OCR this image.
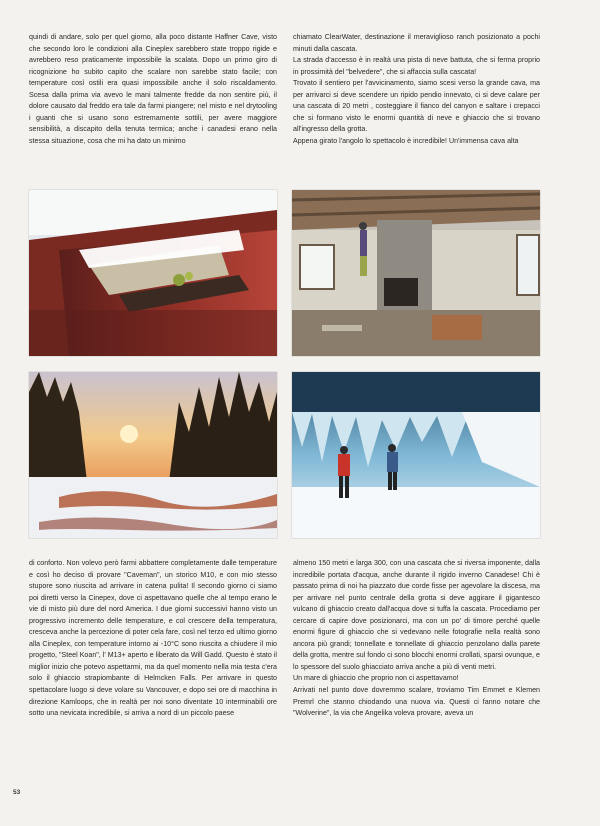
quindi di andare, solo per quel giorno, alla poco distante Haffner Cave, visto che secondo loro le condizioni alla Cineplex sarebbero state troppo rigide e avrebbero reso praticamente impossibile la scalata. Dopo un primo giro di ricognizione ho subito capito che scalare non sarebbe stato facile; con temperature così ostili era quasi impossibile anche il solo riscaldamento. Scesa dalla prima via avevo le mani talmente fredde da non sentire più, il dolore causato dal freddo era tale da farmi piangere; nel misto e nel drytooling i guanti che si usano sono estremamente sottili, per avere maggiore sensibilità, a discapito della tenuta termica; anche i canadesi erano nella stessa situazione, cosa che mi ha dato un minimo

chiamato ClearWater, destinazione il meraviglioso ranch posizionato a pochi minuti dalla cascata.

La strada d'accesso è in realtà una pista di neve battuta, che si ferma proprio in prossimità del "belvedere", che si affaccia sulla cascata!

Trovato il sentiero per l'avvicinamento, siamo scesi verso la grande cava, ma per arrivarci si deve scendere un ripido pendio innevato, ci si deve calare per una cascata di 20 metri , costeggiare il fianco del canyon e saltare i crepacci che si formano visto le enormi quantità di neve e ghiaccio che si trovano all'ingresso della grotta.

Appena girato l'angolo lo spettacolo è incredibile! Un'immensa cava alta

di conforto. Non volevo però farmi abbattere completamente dalle temperature e così ho deciso di provare "Caveman", un storico M10, e con mio stesso stupore sono riuscita ad arrivare in catena pulita! Il secondo giorno ci siamo poi diretti verso la Cinepex, dove ci aspettavano quelle che al tempo erano le vie di misto più dure del nord America. I due giorni successivi hanno visto un progressivo incremento delle temperature, e col crescere della temperatura, cresceva anche la percezione di poter cela fare, così nel terzo ed ultimo giorno alla Cineplex, con temperature intorno ai -10°C sono riuscita a chiudere il mio progetto, "Steel Koan", l' M13+ aperto e liberato da Will Gadd. Questo è stato il miglior inizio che potevo aspettarmi, ma da quel momento nella mia testa c'era solo il ghiaccio strapiombante di Helmcken Falls. Per arrivare in questo spettacolare luogo si deve volare su Vancouver, e dopo sei ore di macchina in direzione Kamloops, che in realtà per noi sono diventate 10 interminabili ore sotto una nevicata incredibile, si arriva a nord di un piccolo paese

almeno 150 metri e larga 300, con una cascata che si riversa imponente, dalla incredibile portata d'acqua, anche durante il rigido inverno Canadese! Chi è passato prima di noi ha piazzato due corde fisse per agevolare la discesa, ma per arrivare nel punto centrale della grotta si deve aggirare il gigantesco vulcano di ghiaccio creato dall'acqua dove si tuffa la cascata. Procediamo per cercare di capire dove posizionarci, ma con un po' di timore perché quelle enormi figure di ghiaccio che si vedevano nelle fotografie nella realtà sono ancora più grandi; tonnellate e tonnellate di ghiaccio penzolano dalla parete della grotta, mentre sul fondo ci sono blocchi enormi crollati, sparsi ovunque, e lo spessore del suolo ghiacciato arriva anche a più di venti metri.

Un mare di ghiaccio che proprio non ci aspettavamo!

Arrivati nel punto dove dovremmo scalare, troviamo Tim Emmet e Klemen Premrl che stanno chiodando una nuova via. Questi ci fanno notare che "Wolverine", la via che Angelika voleva provare, aveva un

53
